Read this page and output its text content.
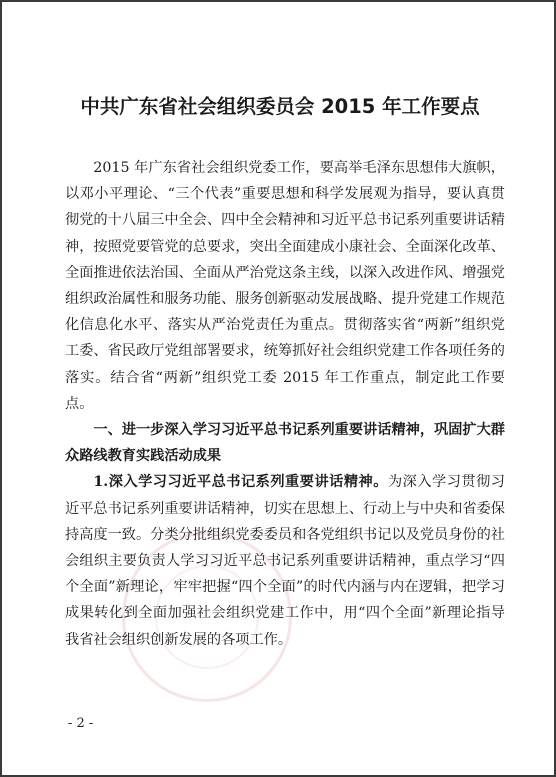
中共广东省社会组织委员会 2015 年工作要点

2015 年广东省社会组织党委工作，要高举毛泽东思想伟大旗帜，以邓小平理论、“三个代表”重要思想和科学发展观为指导，要认真贯彻党的十八届三中全会、四中全会精神和习近平总书记系列重要讲话精神，按照党要管党的总要求，突出全面建成小康社会、全面深化改革、全面推进依法治国、全面从严治党这条主线，以深入改进作风、增强党组织政治属性和服务功能、服务创新驱动发展战略、提升党建工作规范化信息化水平、落实从严治党责任为重点。贯彻落实省“两新”组织党工委、省民政厅党组部署要求，统筹抓好社会组织党建工作各项任务的落实。结合省“两新”组织党工委 2015 年工作重点，制定此工作要点。

一、进一步深入学习习近平总书记系列重要讲话精神，巩固扩大群众路线教育实践活动成果

1.深入学习习近平总书记系列重要讲话精神。为深入学习贯彻习近平总书记系列重要讲话精神，切实在思想上、行动上与中央和省委保持高度一致。分类分批组织党委委员和各党组织书记以及党员身份的社会组织主要负责人学习习近平总书记系列重要讲话精神，重点学习“四个全面”新理论，牢牢把握“四个全面”的时代内涵与内在逻辑，把学习成果转化到全面加强社会组织党建工作中，用“四个全面”新理论指导我省社会组织创新发展的各项工作。

- 2 -
